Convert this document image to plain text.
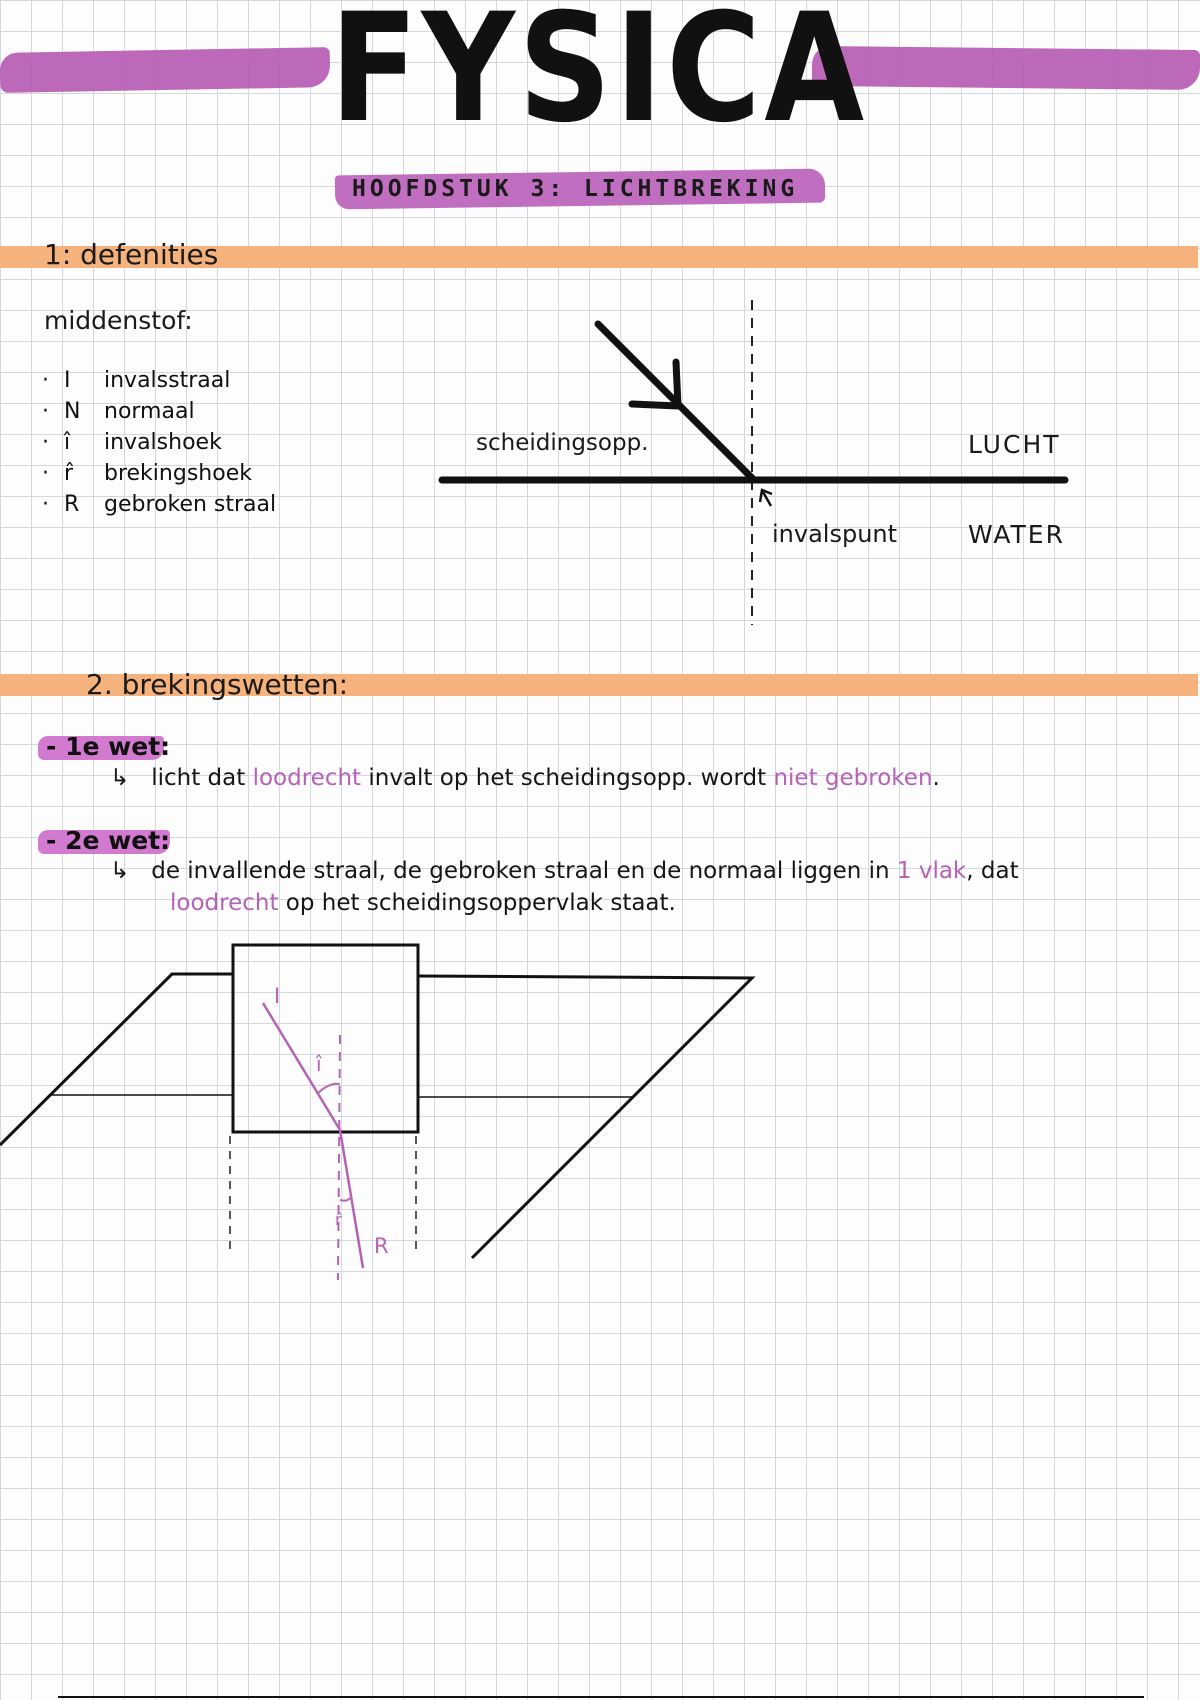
FYSICA
HOOFDSTUK 3: LICHTBREKING
1: defenities
middenstof:
· I invalsstraal
· N normaal
· î invalshoek
· r̂ brekingshoek
· R gebroken straal
scheidingsopp.	LUCHT
invalspunt	WATER
2. brekingswetten:
- 1e wet:
↳ licht dat loodrecht invalt op het scheidingsopp. wordt niet gebroken.
- 2e wet:
↳ de invallende straal, de gebroken straal en de normaal liggen in 1 vlak, dat
loodrecht op het scheidingsoppervlak staat.
I
î
r̂
R
